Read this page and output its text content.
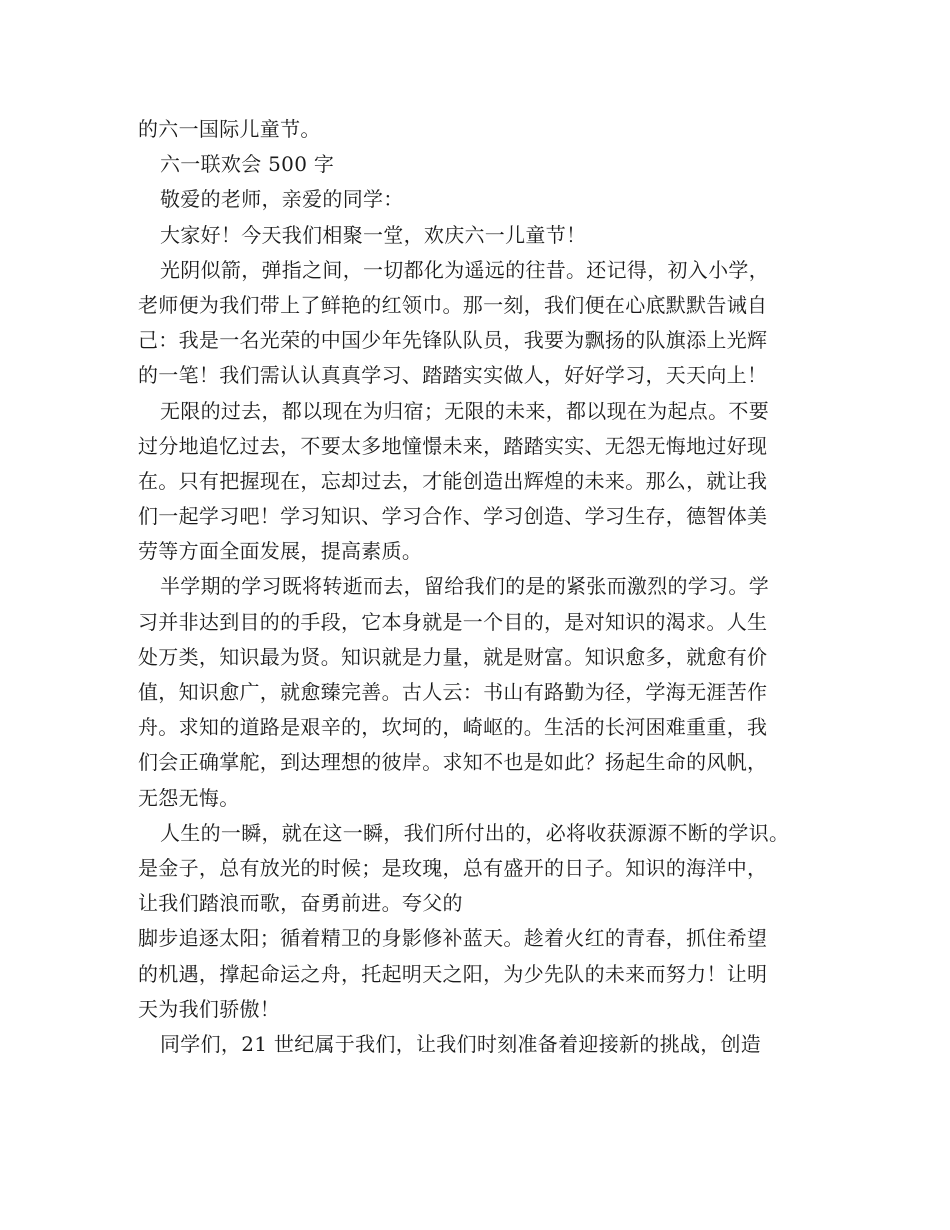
的六一国际儿童节。
六一联欢会 500 字
敬爱的老师，亲爱的同学：
大家好！今天我们相聚一堂，欢庆六一儿童节！
光阴似箭，弹指之间，一切都化为遥远的往昔。还记得，初入小学，
老师便为我们带上了鲜艳的红领巾。那一刻，我们便在心底默默告诫自
己：我是一名光荣的中国少年先锋队队员，我要为飘扬的队旗添上光辉
的一笔！我们需认认真真学习、踏踏实实做人，好好学习，天天向上！
无限的过去，都以现在为归宿；无限的未来，都以现在为起点。不要
过分地追忆过去，不要太多地憧憬未来，踏踏实实、无怨无悔地过好现
在。只有把握现在，忘却过去，才能创造出辉煌的未来。那么，就让我
们一起学习吧！学习知识、学习合作、学习创造、学习生存，德智体美
劳等方面全面发展，提高素质。
半学期的学习既将转逝而去，留给我们的是的紧张而激烈的学习。学
习并非达到目的的手段，它本身就是一个目的，是对知识的渴求。人生
处万类，知识最为贤。知识就是力量，就是财富。知识愈多，就愈有价
值，知识愈广，就愈臻完善。古人云：书山有路勤为径，学海无涯苦作
舟。求知的道路是艰辛的，坎坷的，崎岖的。生活的长河困难重重，我
们会正确掌舵，到达理想的彼岸。求知不也是如此？扬起生命的风帆，
无怨无悔。
人生的一瞬，就在这一瞬，我们所付出的，必将收获源源不断的学识。
是金子，总有放光的时候；是玫瑰，总有盛开的日子。知识的海洋中，
让我们踏浪而歌，奋勇前进。夸父的
脚步追逐太阳；循着精卫的身影修补蓝天。趁着火红的青春，抓住希望
的机遇，撑起命运之舟，托起明天之阳，为少先队的未来而努力！让明
天为我们骄傲！
同学们，21 世纪属于我们，让我们时刻准备着迎接新的挑战，创造
